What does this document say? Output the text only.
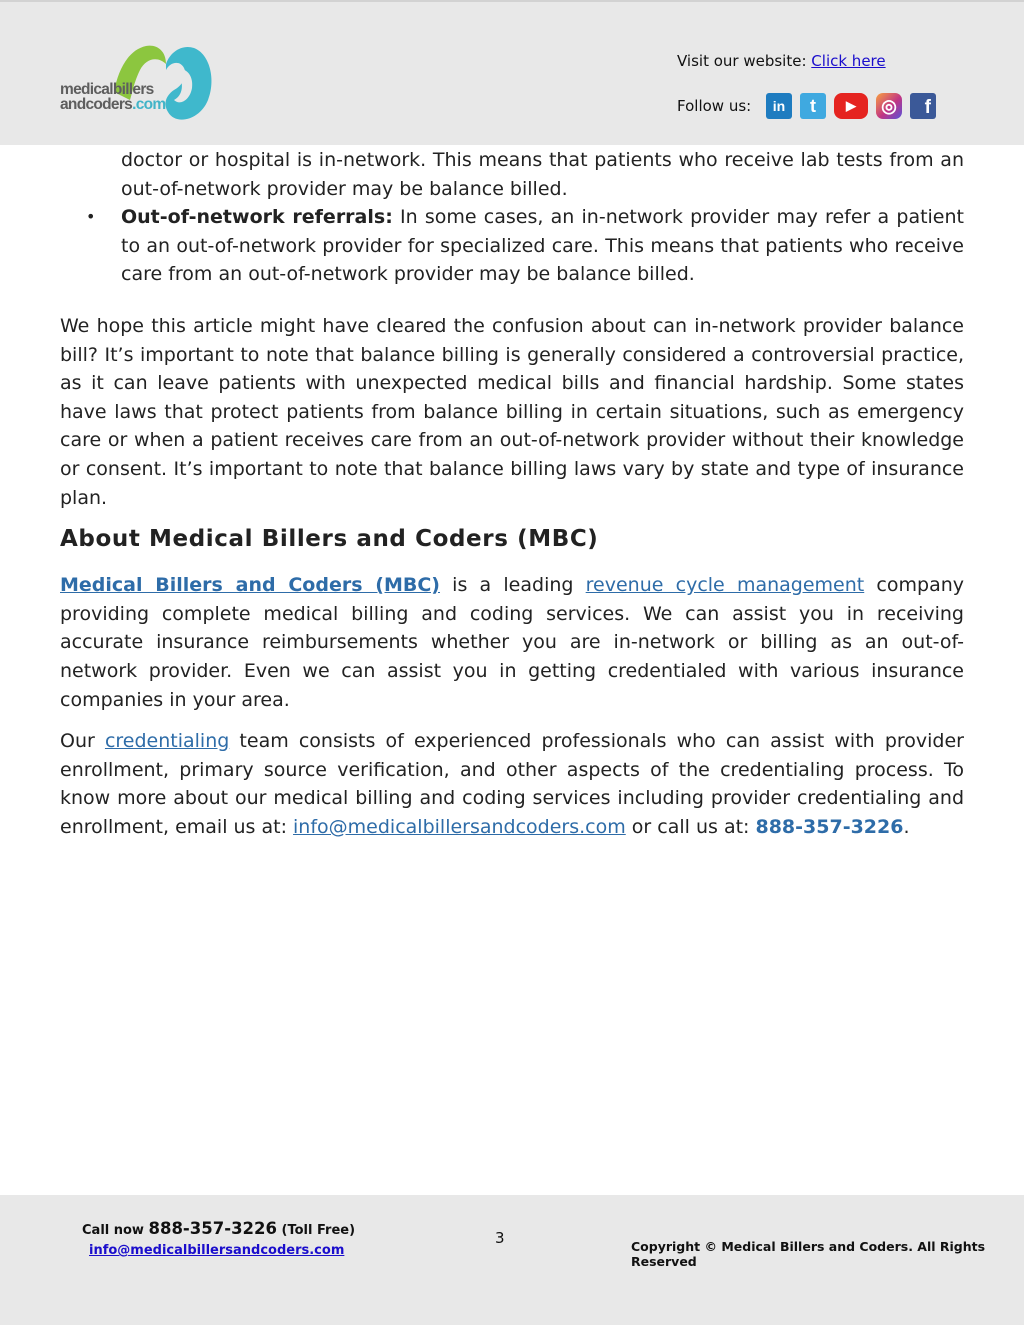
medicalbillers
andcoders.com
Visit our website: Click here
Follow us:	in	t	▶	◎	f
doctor or hospital is in-network. This means that patients who receive lab tests from an out-of-network provider may be balance billed.
• Out-of-network referrals: In some cases, an in-network provider may refer a patient to an out-of-network provider for specialized care. This means that patients who receive care from an out-of-network provider may be balance billed.

We hope this article might have cleared the confusion about can in-network provider balance bill? It’s important to note that balance billing is generally considered a controversial practice, as it can leave patients with unexpected medical bills and financial hardship. Some states have laws that protect patients from balance billing in certain situations, such as emergency care or when a patient receives care from an out-of-network provider without their knowledge or consent. It’s important to note that balance billing laws vary by state and type of insurance plan.

About Medical Billers and Coders (MBC)

Medical Billers and Coders (MBC) is a leading revenue cycle management company providing complete medical billing and coding services. We can assist you in receiving accurate insurance reimbursements whether you are in-network or billing as an out-of-network provider. Even we can assist you in getting credentialed with various insurance companies in your area.

Our credentialing team consists of experienced professionals who can assist with provider enrollment, primary source verification, and other aspects of the credentialing process. To know more about our medical billing and coding services including provider credentialing and enrollment, email us at: info@medicalbillersandcoders.com or call us at: 888-357-3226.

Call now 888-357-3226 (Toll Free)
info@medicalbillersandcoders.com
3	Copyright © Medical Billers and Coders. All Rights Reserved
